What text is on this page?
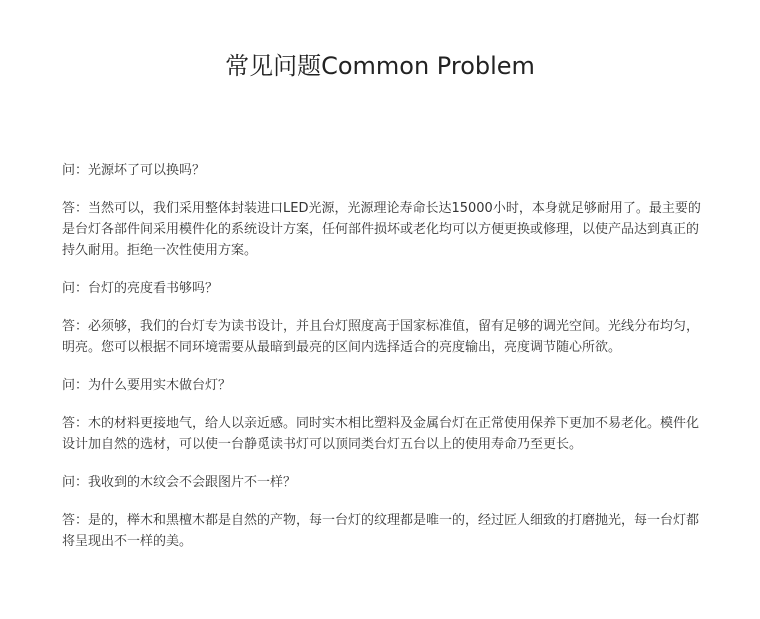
常见问题Common Problem

问：光源坏了可以换吗？

答：当然可以，我们采用整体封装进口LED光源，光源理论寿命长达15000小时，本身就足够耐用了。最主要的是台灯各部件间采用模件化的系统设计方案，任何部件损坏或老化均可以方便更换或修理，以使产品达到真正的持久耐用。拒绝一次性使用方案。

问：台灯的亮度看书够吗？

答：必须够，我们的台灯专为读书设计，并且台灯照度高于国家标准值，留有足够的调光空间。光线分布均匀，明亮。您可以根据不同环境需要从最暗到最亮的区间内选择适合的亮度输出，亮度调节随心所欲。

问：为什么要用实木做台灯？

答：木的材料更接地气，给人以亲近感。同时实木相比塑料及金属台灯在正常使用保养下更加不易老化。模件化设计加自然的选材，可以使一台静觅读书灯可以顶同类台灯五台以上的使用寿命乃至更长。

问：我收到的木纹会不会跟图片不一样？

答：是的，榉木和黑檀木都是自然的产物，每一台灯的纹理都是唯一的，经过匠人细致的打磨抛光，每一台灯都将呈现出不一样的美。
